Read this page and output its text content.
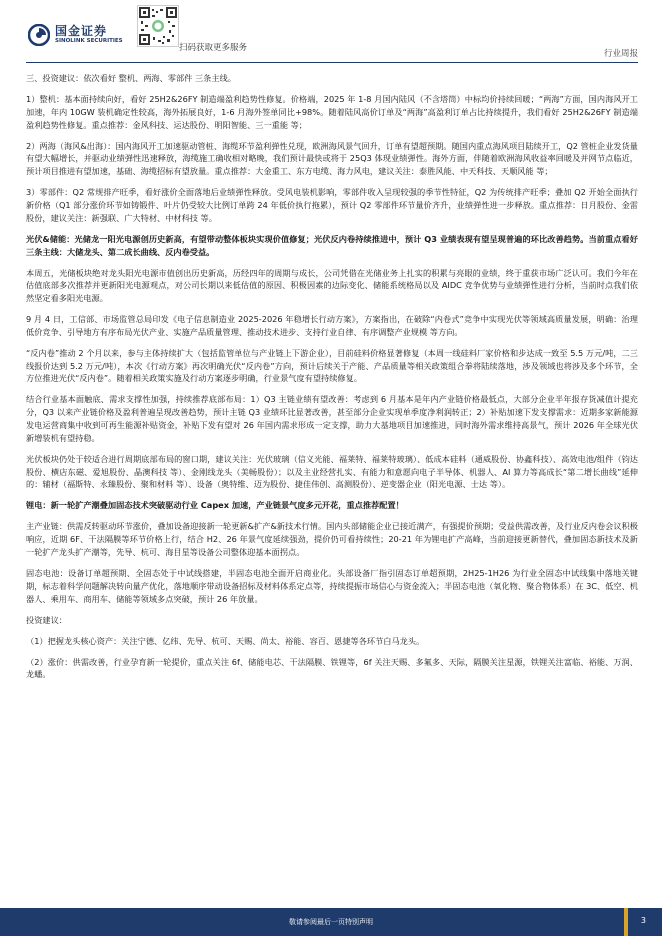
国金证券
SINOLINK SECURITIES
扫码获取更多服务
行业周报

三、投资建议：依次看好 整机、两海、零部件 三条主线。

1）整机：基本面持续向好，看好 25H2&26FY 制造端盈利趋势性修复。价格端，2025 年 1-8 月国内陆风（不含塔筒）中标均价持续回暖；“两海”方面，国内海风开工加速，年内 10GW 装机确定性较高，海外拓展良好，1-6 月海外签单同比+98%。随着陆风高价订单及“两海”高盈利订单占比持续提升，我们看好 25H2&26FY 制造端盈利趋势性修复。重点推荐：金风科技、运达股份、明阳智能、三一重能 等；

2）两海（海风&出海）：国内海风开工加速驱动管桩、海缆环节盈利弹性兑现，欧洲海风景气回升，订单有望超预期。随国内重点海风项目陆续开工，Q2 管桩企业发货量有望大幅增长，并驱动业绩弹性迅速释放，海缆施工确收相对略晚，我们预计最快或将于 25Q3 体现业绩弹性。海外方面，伴随着欧洲海风收益率回暖及并网节点临近，预计项目推进有望加速，基础、海缆招标有望放量。重点推荐：大金重工、东方电缆、海力风电，建议关注：泰胜风能、中天科技、天顺风能 等；

3）零部件：Q2 常规排产旺季，看好涨价全面落地后业绩弹性释放。受风电装机影响，零部件收入呈现较强的季节性特征，Q2 为传统排产旺季；叠加 Q2 开始全面执行新价格（Q1 部分涨价环节如铸锻件、叶片仍受较大比例订单跨 24 年低价执行拖累），预计 Q2 零部件环节量价齐升，业绩弹性进一步释放。重点推荐：日月股份、金雷股份，建议关注：新强联、广大特材、中材科技 等。

光伏&储能：光储龙一阳光电源创历史新高，有望带动整体板块实现价值修复；光伏反内卷持续推进中，预计 Q3 业绩表现有望呈现普遍的环比改善趋势。当前重点看好三条主线：大储龙头、第二成长曲线、反内卷受益。

本周五，光储板块绝对龙头阳光电源市值创出历史新高，历经四年的周期与成长，公司凭借在光储业务上扎实的积累与亮眼的业绩，终于重获市场广泛认可。我们今年在估值底部多次推荐并更新阳光电源观点，对公司长期以来低估值的原因、积极因素的边际变化、储能系统格局以及 AIDC 竞争优势与业绩弹性进行分析，当前时点我们依然坚定看多阳光电源。

9 月 4 日，工信部、市场监管总局印发《电子信息制造业 2025-2026 年稳增长行动方案》，方案指出，在破除“内卷式”竞争中实现光伏等领域高质量发展，明确：治理低价竞争、引导地方有序布局光伏产业、实施产品质量管理、推动技术进步、支持行业自律、有序调整产业规模 等方向。

“反内卷”推动 2 个月以来，参与主体持续扩大（包括监管单位与产业链上下游企业），目前硅料价格显著修复（本周一线硅料厂家价格和步达成一致至 5.5 万元/吨，二三线报价达到 5.2 万元/吨），本次《行动方案》再次明确光伏“反内卷”方向，预计后续关于产能、产品质量等相关政策组合拳将陆续落地，涉及领域也将涉及多个环节，全方位推进光伏“反内卷”。随着相关政策实施及行动方案逐步明确，行业景气度有望持续修复。

结合行业基本面触底、需求支撑性加强，持续推荐底部布局：1）Q3 主链业绩有望改善：考虑到 6 月基本是年内产业链价格最低点，大部分企业半年报存货减值计提充分，Q3 以来产业链价格及盈利普遍呈现改善趋势，预计主链 Q3 业绩环比显著改善，甚至部分企业实现单季度净利润转正；2）补贴加速下发支撑需求：近期多家新能源发电运营商集中收到可再生能源补贴资金，补贴下发有望对 26 年国内需求形成一定支撑，助力大基地项目加速推进，同时海外需求维持高景气，预计 2026 年全球光伏新增装机有望持稳。

光伏板块仍处于较适合进行周期底部布局的窗口期，建议关注：光伏玻璃（信义光能、福莱特、福莱特玻璃）、低成本硅料（通威股份、协鑫科技）、高效电池/组件（钧达股份、横店东磁、爱旭股份、晶澳科技 等）、金刚线龙头（美畅股份）；以及主业经营扎实、有能力和意愿向电子半导体、机器人、AI 算力等高成长“第二增长曲线”延伸的：辅材（福斯特、永臻股份、聚和材料 等）、设备（奥特维、迈为股份、捷佳伟创、高测股份）、逆变器企业（阳光电源、士达 等）。

锂电：新一轮扩产潮叠加固态技术突破驱动行业 Capex 加速，产业链景气度多元开花，重点推荐配置！

主产业链：供需反转驱动环节涨价，叠加设备迎接新一轮更新&扩产&新技术行情。国内头部储能企业已接近满产，有强提价预期；受益供需改善，及行业反内卷会议积极响应，近期 6F、干法隔膜等环节价格上行，结合 H2、26 年景气度延续强劲，提价仍可看持续性；20-21 年为锂电扩产高峰，当前迎接更新替代，叠加固态新技术及新一轮扩产龙头扩产潮等，先导、杭可、海目星等设备公司整体迎基本面拐点。

固态电池：设备订单超预期、全固态处于中试线搭建，半固态电池全面开启商业化。头部设备厂指引固态订单超预期，2H25-1H26 为行业全固态中试线集中落地关键期，标志着科学问题解决转向量产优化，落地顺序带动设备招标及材料体系定点等，持续提振市场信心与资金流入；半固态电池（氧化物、聚合物体系）在 3C、低空、机器人、乘用车、商用车、储能等领域多点突破，预计 26 年放量。

投资建议：

（1）把握龙头核心资产：关注宁德、亿纬、先导、杭可、天赐、尚太、裕能、容百、恩捷等各环节白马龙头。

（2）涨价：供需改善，行业孕育新一轮提价，重点关注 6f、储能电芯、干法隔膜、铁锂等，6f 关注天赐、多氟多、天际，隔膜关注星源，铁锂关注富临、裕能、万润、龙蟠。

敬请参阅最后一页特别声明	3
